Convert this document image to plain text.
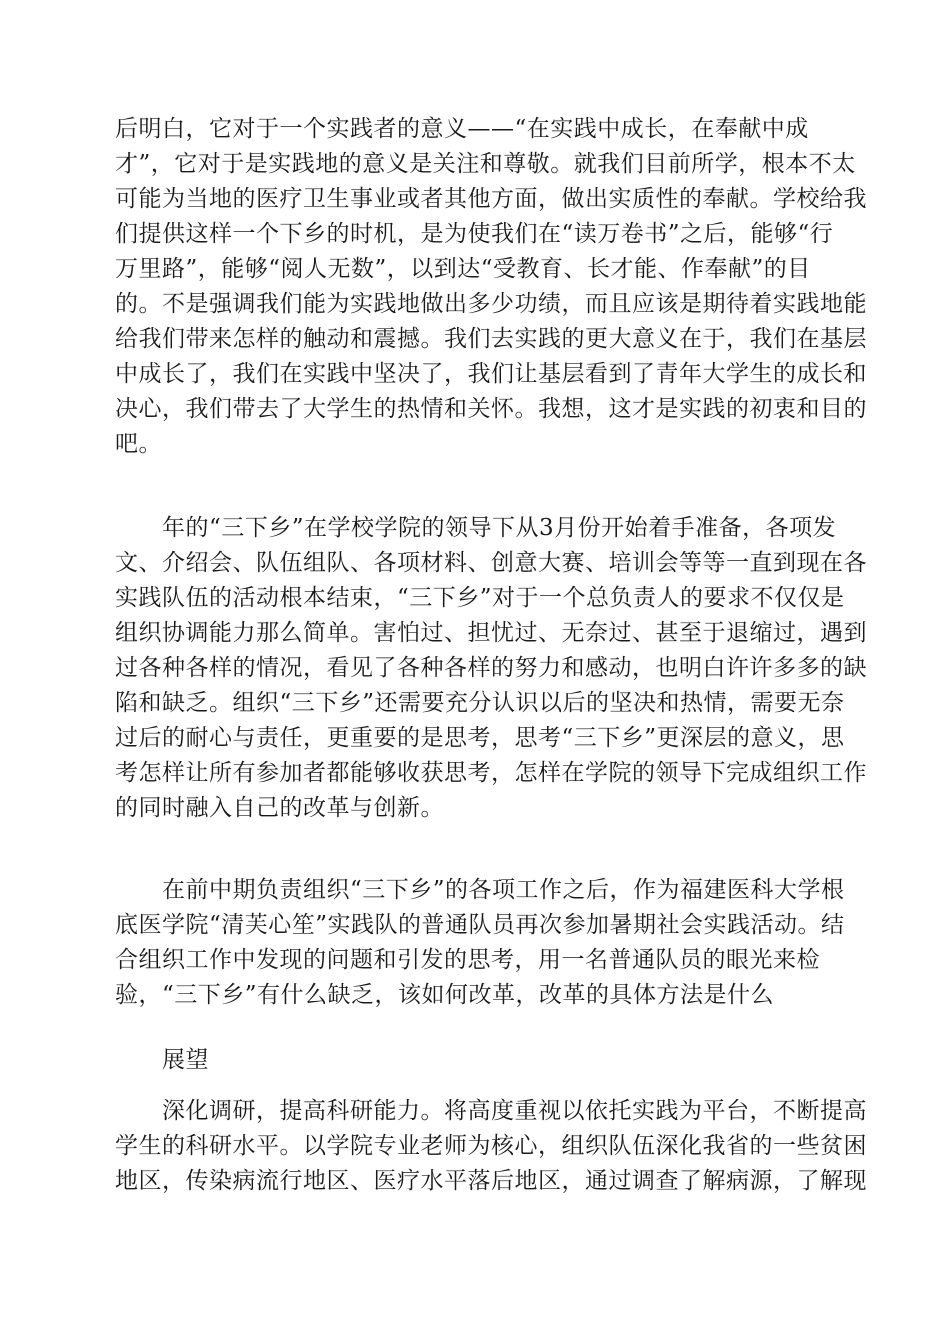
后明白，它对于一个实践者的意义——“在实践中成长，在奉献中成
才”，它对于是实践地的意义是关注和尊敬。就我们目前所学，根本不太
可能为当地的医疗卫生事业或者其他方面，做出实质性的奉献。学校给我
们提供这样一个下乡的时机，是为使我们在“读万卷书”之后，能够“行
万里路”，能够“阅人无数”，以到达“受教育、长才能、作奉献”的目
的。不是强调我们能为实践地做出多少功绩，而且应该是期待着实践地能
给我们带来怎样的触动和震撼。我们去实践的更大意义在于，我们在基层
中成长了，我们在实践中坚决了，我们让基层看到了青年大学生的成长和
决心，我们带去了大学生的热情和关怀。我想，这才是实践的初衷和目的
吧。
年的“三下乡”在学校学院的领导下从3月份开始着手准备，各项发
文、介绍会、队伍组队、各项材料、创意大赛、培训会等等一直到现在各
实践队伍的活动根本结束，“三下乡”对于一个总负责人的要求不仅仅是
组织协调能力那么简单。害怕过、担忧过、无奈过、甚至于退缩过，遇到
过各种各样的情况，看见了各种各样的努力和感动，也明白许许多多的缺
陷和缺乏。组织“三下乡”还需要充分认识以后的坚决和热情，需要无奈
过后的耐心与责任，更重要的是思考，思考“三下乡”更深层的意义，思
考怎样让所有参加者都能够收获思考，怎样在学院的领导下完成组织工作
的同时融入自己的改革与创新。
在前中期负责组织“三下乡”的各项工作之后，作为福建医科大学根
底医学院“清芙心笙”实践队的普通队员再次参加暑期社会实践活动。结
合组织工作中发现的问题和引发的思考，用一名普通队员的眼光来检
验，“三下乡”有什么缺乏，该如何改革，改革的具体方法是什么
展望
深化调研，提高科研能力。将高度重视以依托实践为平台，不断提高
学生的科研水平。以学院专业老师为核心，组织队伍深化我省的一些贫困
地区，传染病流行地区、医疗水平落后地区，通过调查了解病源，了解现
